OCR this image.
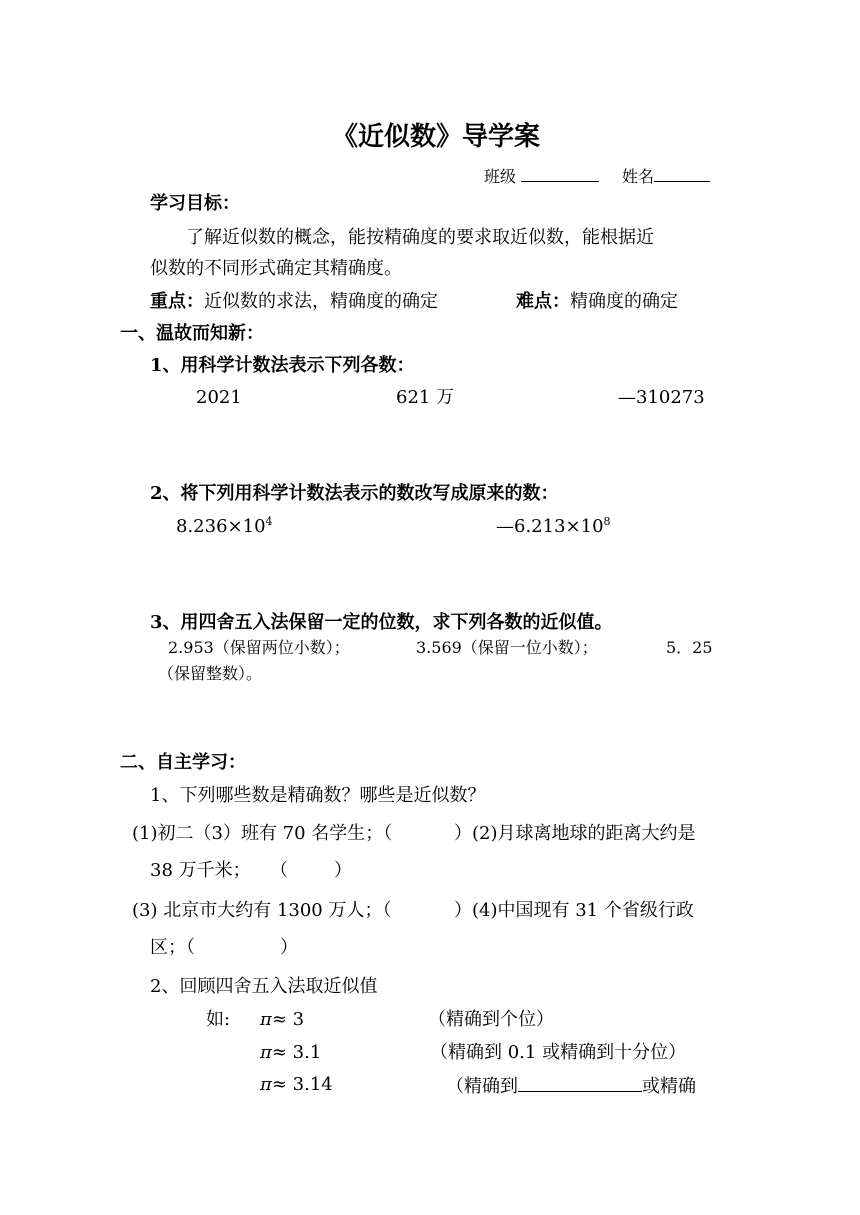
《近似数》导学案
班级	姓名
学习目标：
了解近似数的概念，能按精确度的要求取近似数，能根据近
似数的不同形式确定其精确度。
重点：近似数的求法，精确度的确定	难点：精确度的确定
一、温故而知新：
1、用科学计数法表示下列各数：
2021	621 万	—310273
2、将下列用科学计数法表示的数改写成原来的数：
$8.236\times 10^4$	$—6.213\times 10^8$
3、用四舍五入法保留一定的位数，求下列各数的近似值。
2.953（保留两位小数）；	3.569（保留一位小数）；	5．25
（保留整数）。
二、自主学习：
1、下列哪些数是精确数？哪些是近似数？
(1)初二（3）班有 70 名学生；（	）(2)月球离地球的距离大约是
38 万千米； （	）
(3) 北京市大约有 1300 万人；（	）(4)中国现有 31 个省级行政
区；（	）
2、回顾四舍五入法取近似值
如: π≈ 3	（精确到个位）
π≈ 3.1	（精确到 0.1 或精确到十分位）
π≈ 3.14	（精确到	或精确
